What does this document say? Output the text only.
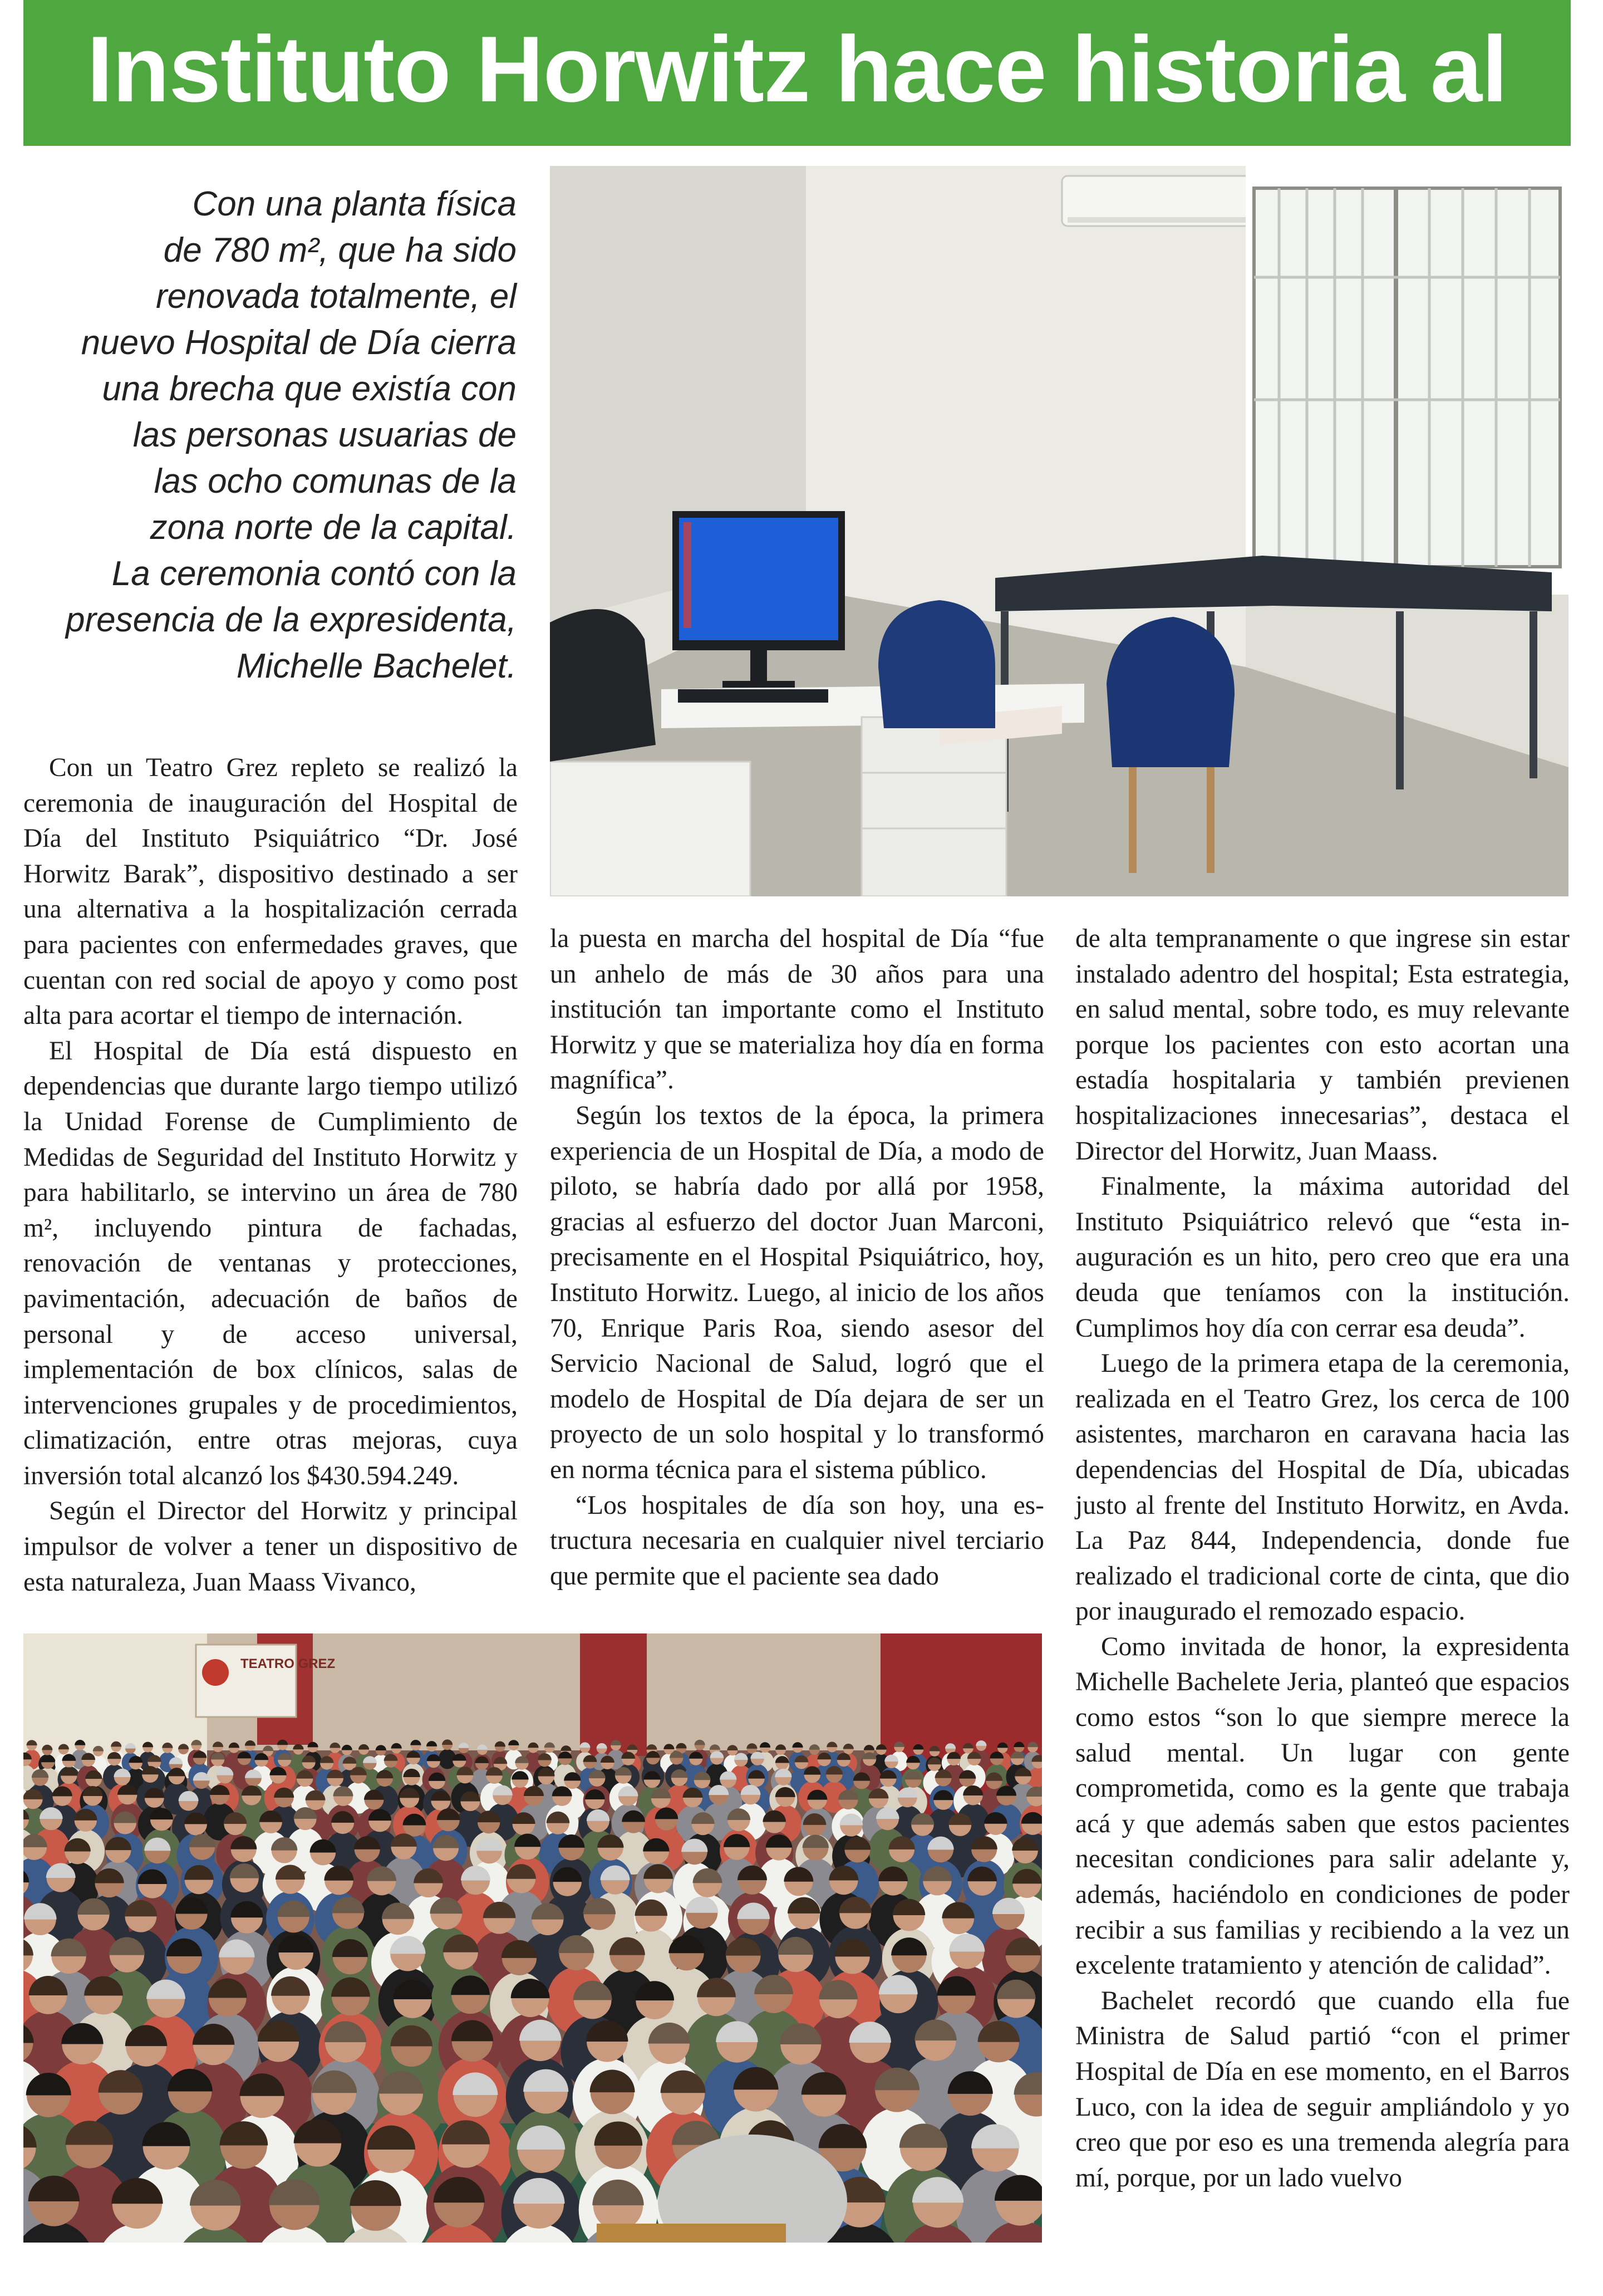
Instituto Horwitz hace historia al
Con una planta física
de 780 m², que ha sido
renovada totalmente, el
nuevo Hospital de Día cierra
una brecha que existía con
las personas usuarias de
las ocho comunas de la
zona norte de la capital.
La ceremonia contó con la
presencia de la expresidenta,
Michelle Bachelet.

Con un Teatro Grez repleto se realizó la ceremonia de inauguración del Hospital de Día del Instituto Psiquiátrico “Dr. José Horwitz Barak”, dispositivo destinado a ser una alternativa a la hospitalización cerrada para pacientes con enfermedades graves, que cuentan con red social de apoyo y como post alta para acortar el tiempo de internación.

El Hospital de Día está dispuesto en dependencias que durante largo tiempo utilizó la Unidad Forense de Cumplimiento de Medidas de Seguridad del Instituto Horwitz y para habilitarlo, se intervino un área de 780 m², incluyendo pintura de fachadas, renovación de ventanas y protecciones, pavimentación, adecuación de baños de personal y de acceso universal, implementación de box clínicos, salas de intervenciones grupales y de procedimientos, climatización, entre otras mejoras, cuya inversión total alcanzó los $430.594.249.

Según el Director del Horwitz y principal impulsor de volver a tener un dispositivo de esta naturaleza, Juan Maass Vivanco,

la puesta en marcha del hospital de Día “fue un anhelo de más de 30 años para una institución tan importante como el Instituto Horwitz y que se materializa hoy día en forma magnífica”.

Según los textos de la época, la primera experiencia de un Hospital de Día, a modo de piloto, se habría dado por allá por 1958, gracias al esfuerzo del doctor Juan Marconi, precisamente en el Hospital Psiquiátrico, hoy, Instituto Horwitz. Luego, al inicio de los años 70, Enrique Paris Roa, siendo asesor del Servicio Nacional de Salud, logró que el modelo de Hospital de Día dejara de ser un proyecto de un solo hospital y lo transformó en norma técnica para el sistema público.

“Los hospitales de día son hoy, una estructura necesaria en cualquier nivel terciаrio que permite que el paciente sea dado

de alta tempranamente o que ingrese sin estar instalado adentro del hospital; Esta estrategia, en salud mental, sobre todo, es muy relevante porque los pacientes con esto acortan una estadía hospitalaria y también previenen hospitalizaciones innecesarias”, destaca el Director del Horwitz, Juan Maass.

Finalmente, la máxima autoridad del Instituto Psiquiátrico relevó que “esta inauguración es un hito, pero creo que era una deuda que teníamos con la institución. Cumplimos hoy día con cerrar esa deuda”.

Luego de la primera etapa de la ceremonia, realizada en el Teatro Grez, los cerca de 100 asistentes, marcharon en caravana hacia las dependencias del Hospital de Día, ubicadas justo al frente del Instituto Horwitz, en Avda. La Paz 844, Independencia, donde fue realizado el tradicional corte de cinta, que dio por inaugurado el remozado espacio.

Como invitada de honor, la expresidenta Michelle Bachelete Jeria, planteó que espacios como estos “son lo que siempre merece la salud mental. Un lugar con gente comprometida, como es la gente que trabaja acá y que además saben que estos pacientes necesitan condiciones para salir adelante y, además, haciéndolo en condiciones de poder recibir a sus familias y recibiendo a la vez un excelente tratamiento y atención de calidad”.

Bachelet recordó que cuando ella fue Ministra de Salud partió “con el primer Hospital de Día en ese momento, en el Barros Luco, con la idea de seguir ampliándolo y yo creo que por eso es una tremenda alegría para mí, porque, por un lado vuelvo

TEATRO GREZ
